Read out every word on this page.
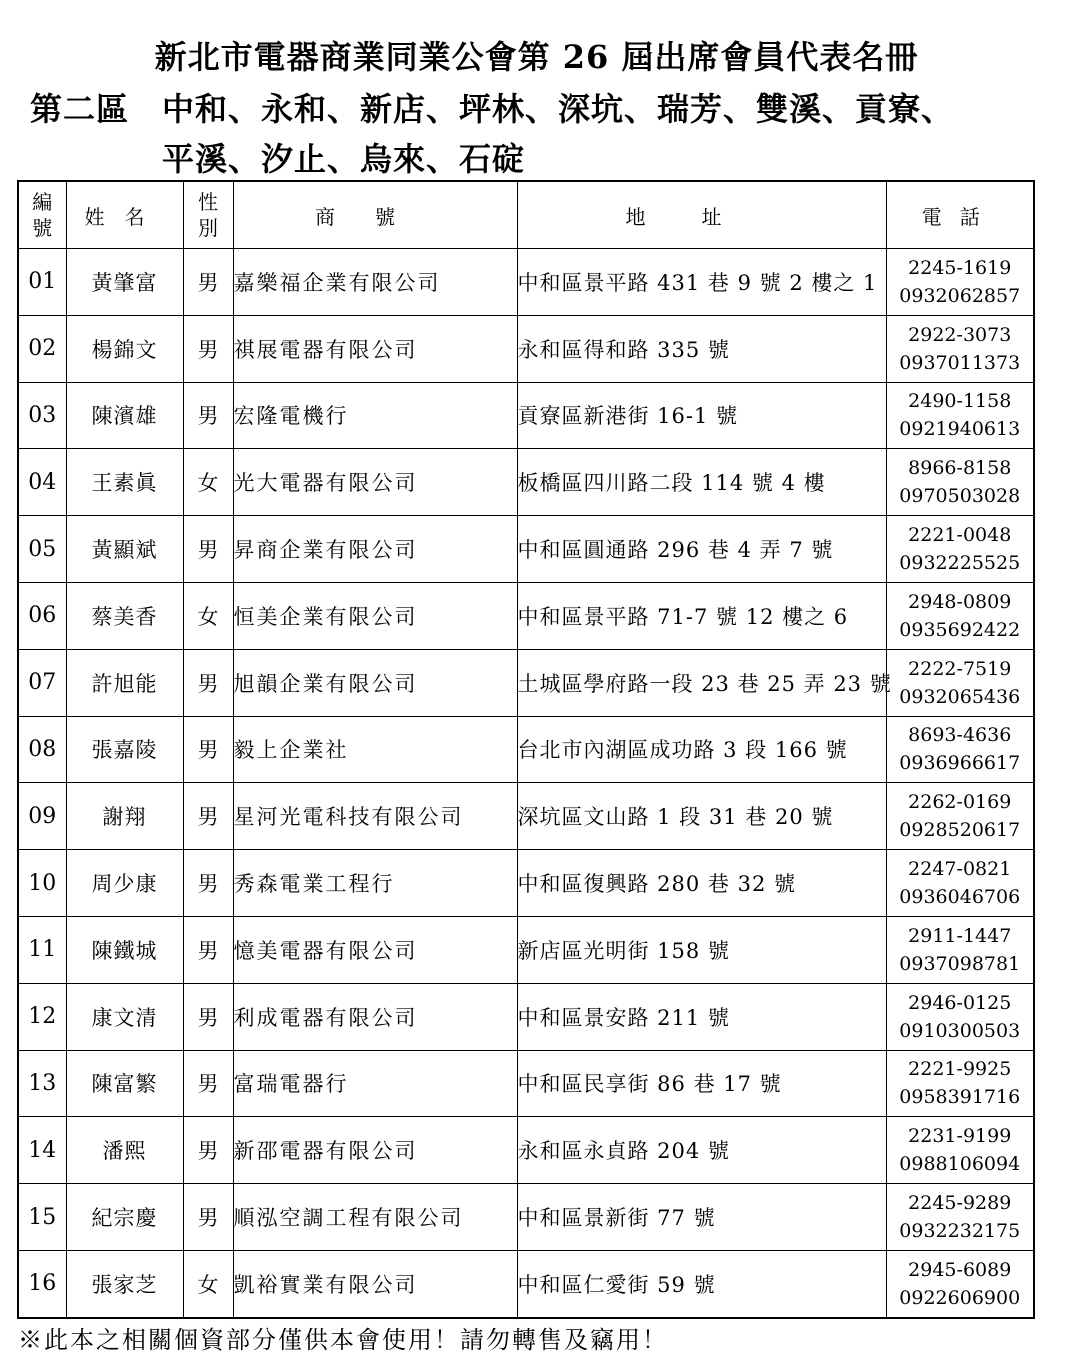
新北市電器商業同業公會第 26 屆出席會員代表名冊
第二區　中和、永和、新店、坪林、深坑、瑞芳、雙溪、貢寮、
平溪、汐止、烏來、石碇
編
號	姓名	性
別	商號	地址	電話
01	黃肇富	男	嘉樂福企業有限公司	中和區景平路 431 巷 9 號 2 樓之 1	2245-1619
0932062857

02	楊錦文	男	祺展電器有限公司	永和區得和路 335 號	2922-3073
0937011373

03	陳濱雄	男	宏隆電機行	貢寮區新港街 16-1 號	2490-1158
0921940613

04	王素眞	女	光大電器有限公司	板橋區四川路二段 114 號 4 樓	8966-8158
0970503028

05	黃顯斌	男	昇商企業有限公司	中和區圓通路 296 巷 4 弄 7 號	2221-0048
0932225525

06	蔡美香	女	恒美企業有限公司	中和區景平路 71-7 號 12 樓之 6	2948-0809
0935692422

07	許旭能	男	旭韻企業有限公司	土城區學府路一段 23 巷 25 弄 23 號	2222-7519
0932065436

08	張嘉陵	男	毅上企業社	台北市內湖區成功路 3 段 166 號	8693-4636
0936966617

09	謝翔	男	星河光電科技有限公司	深坑區文山路 1 段 31 巷 20 號	2262-0169
0928520617

10	周少康	男	秀森電業工程行	中和區復興路 280 巷 32 號	2247-0821
0936046706

11	陳鐵城	男	憶美電器有限公司	新店區光明街 158 號	2911-1447
0937098781

12	康文清	男	利成電器有限公司	中和區景安路 211 號	2946-0125
0910300503

13	陳富繁	男	富瑞電器行	中和區民享街 86 巷 17 號	2221-9925
0958391716

14	潘熙	男	新邵電器有限公司	永和區永貞路 204 號	2231-9199
0988106094

15	紀宗慶	男	順泓空調工程有限公司	中和區景新街 77 號	2245-9289
0932232175

16	張家芝	女	凱裕實業有限公司	中和區仁愛街 59 號	2945-6089
0922606900
※此本之相關個資部分僅供本會使用！請勿轉售及竊用！
